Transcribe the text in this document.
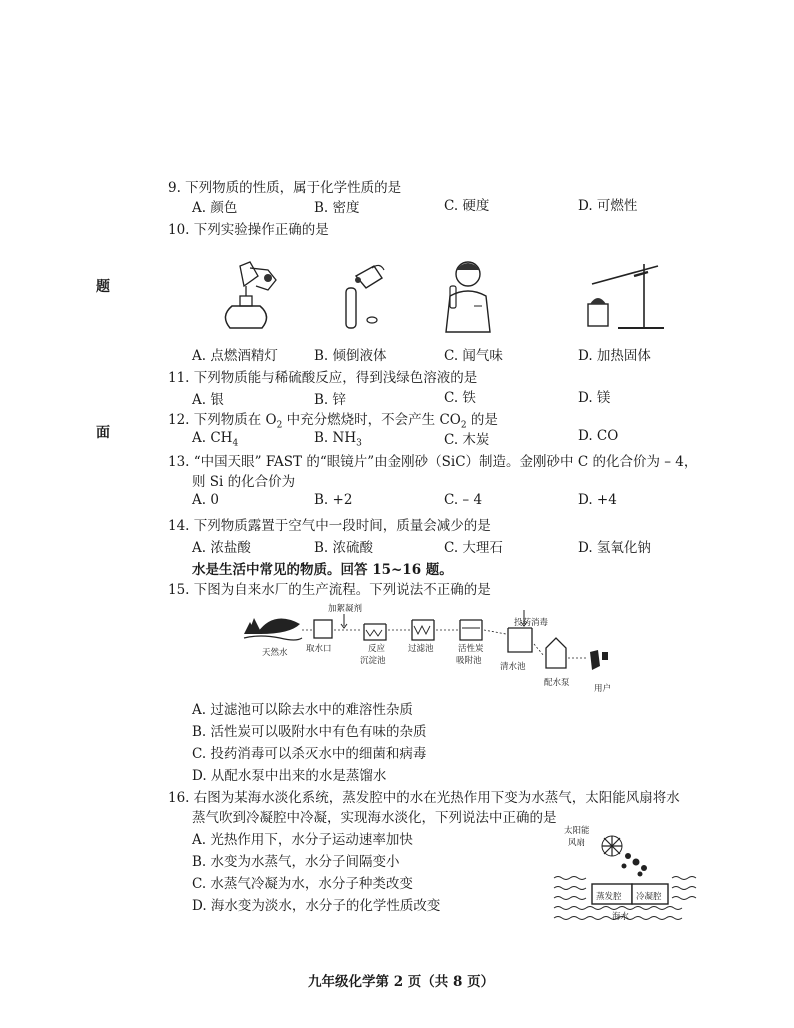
题
面
9. 下列物质的性质，属于化学性质的是
A. 颜色	B. 密度	C. 硬度	D. 可燃性
10. 下列实验操作正确的是
A. 点燃酒精灯	B. 倾倒液体	C. 闻气味	D. 加热固体
11. 下列物质能与稀硫酸反应，得到浅绿色溶液的是
A. 银	B. 锌	C. 铁	D. 镁
12. 下列物质在 $O_2$ 中充分燃烧时，不会产生 $CO_2$ 的是
A. $CH_4$	B. $NH_3$	C. 木炭	D. CO
13. “中国天眼” FAST 的“眼镜片”由金刚砂（SiC）制造。金刚砂中 C 的化合价为 – 4，
则 Si 的化合价为
A. 0	B. +2	C. – 4	D. +4
14. 下列物质露置于空气中一段时间，质量会减少的是
A. 浓盐酸	B. 浓硫酸	C. 大理石	D. 氢氧化钠
水是生活中常见的物质。回答 15~16 题。
15. 下图为自来水厂的生产流程。下列说法不正确的是
天然水 取水口
加絮凝剂
反应
沉淀池
过滤池	活性炭
吸附池
清水池
投药消毒
配水泵
用户
A. 过滤池可以除去水中的难溶性杂质
B. 活性炭可以吸附水中有色有味的杂质
C. 投药消毒可以杀灭水中的细菌和病毒
D. 从配水泵中出来的水是蒸馏水
16. 右图为某海水淡化系统，蒸发腔中的水在光热作用下变为水蒸气，太阳能风扇将水
蒸气吹到冷凝腔中冷凝，实现海水淡化，下列说法中正确的是
A. 光热作用下，水分子运动速率加快
B. 水变为水蒸气，水分子间隔变小
C. 水蒸气冷凝为水，水分子种类改变
D. 海水变为淡水，水分子的化学性质改变
太阳能
风扇
蒸发腔 冷凝腔
海水
九年级化学第 2 页（共 8 页）
